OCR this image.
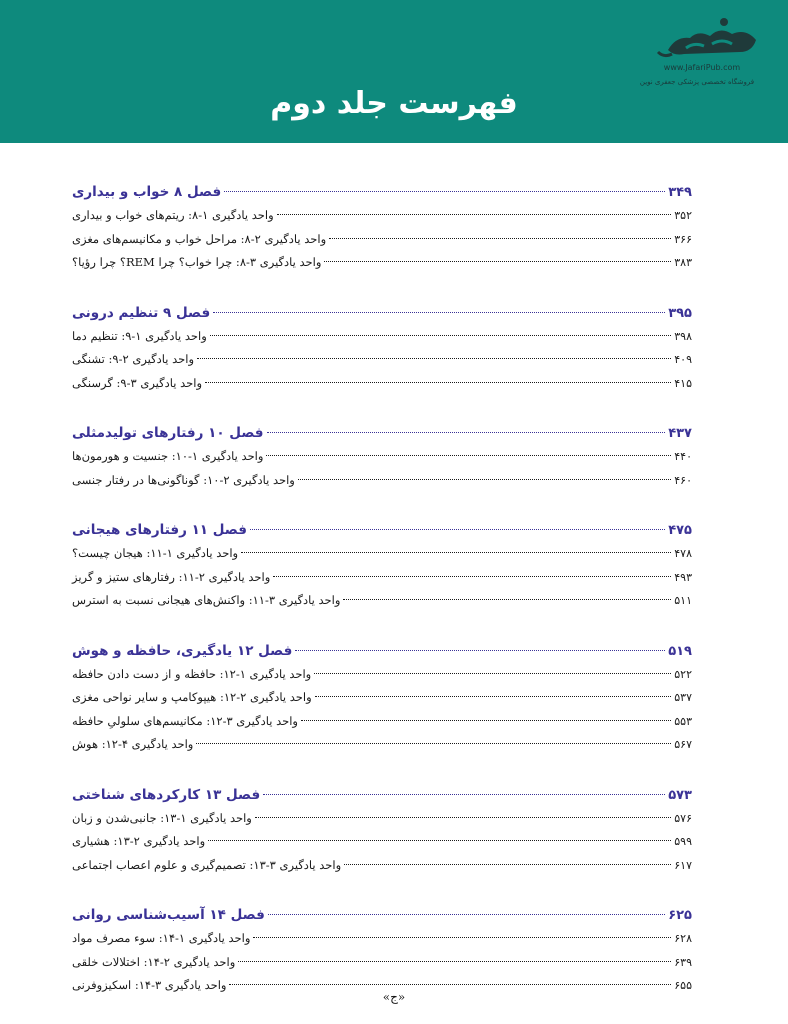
www.JafariPub.com
فروشگاه تخصصی پزشکی جعفری نوین
فهرست جلد دوم
فصل ۸ خواب و بیداری	۳۴۹
واحد یادگیری ۱-۸: ریتم‌های خواب و بیداری	۳۵۲
واحد یادگیری ۲-۸: مراحل خواب و مکانیسم‌های مغزی	۳۶۶
واحد یادگیری ۳-۸: چرا خواب؟ چرا REM؟ چرا رؤیا؟	۳۸۳
فصل ۹ تنظیم درونی	۳۹۵
واحد یادگیری ۱-۹: تنظیم دما	۳۹۸
واحد یادگیری ۲-۹: تشنگی	۴۰۹
واحد یادگیری ۳-۹: گرسنگی	۴۱۵
فصل ۱۰ رفتارهای تولیدمثلی	۴۳۷
واحد یادگیری ۱-۱۰: جنسیت و هورمون‌ها	۴۴۰
واحد یادگیری ۲-۱۰: گوناگونی‌ها در رفتار جنسی	۴۶۰
فصل ۱۱ رفتارهای هیجانی	۴۷۵
واحد یادگیری ۱-۱۱: هیجان چیست؟	۴۷۸
واحد یادگیری ۲-۱۱: رفتارهای ستیز و گریز	۴۹۳
واحد یادگیری ۳-۱۱: واکنش‌های هیجانی نسبت به استرس	۵۱۱
فصل ۱۲ یادگیری، حافظه و هوش	۵۱۹
واحد یادگیری ۱-۱۲: حافظه و از دست دادن حافظه	۵۲۲
واحد یادگیری ۲-۱۲: هیپوکامپ و سایر نواحی مغزی	۵۳۷
واحد یادگیری ۳-۱۲: مکانیسم‌های سلولیِ حافظه	۵۵۳
واحد یادگیری ۴-۱۲: هوش	۵۶۷
فصل ۱۳ کارکردهای شناختی	۵۷۳
واحد یادگیری ۱-۱۳: جانبی‌شدن و زبان	۵۷۶
واحد یادگیری ۲-۱۳: هشیاری	۵۹۹
واحد یادگیری ۳-۱۳: تصمیم‌گیری و علوم اعصاب اجتماعی	۶۱۷
فصل ۱۴ آسیب‌شناسی روانی	۶۲۵
واحد یادگیری ۱-۱۴: سوء مصرف مواد	۶۲۸
واحد یادگیری ۲-۱۴: اختلالات خلقی	۶۳۹
واحد یادگیری ۳-۱۴: اسکیزوفرنی	۶۵۵
«ج»
